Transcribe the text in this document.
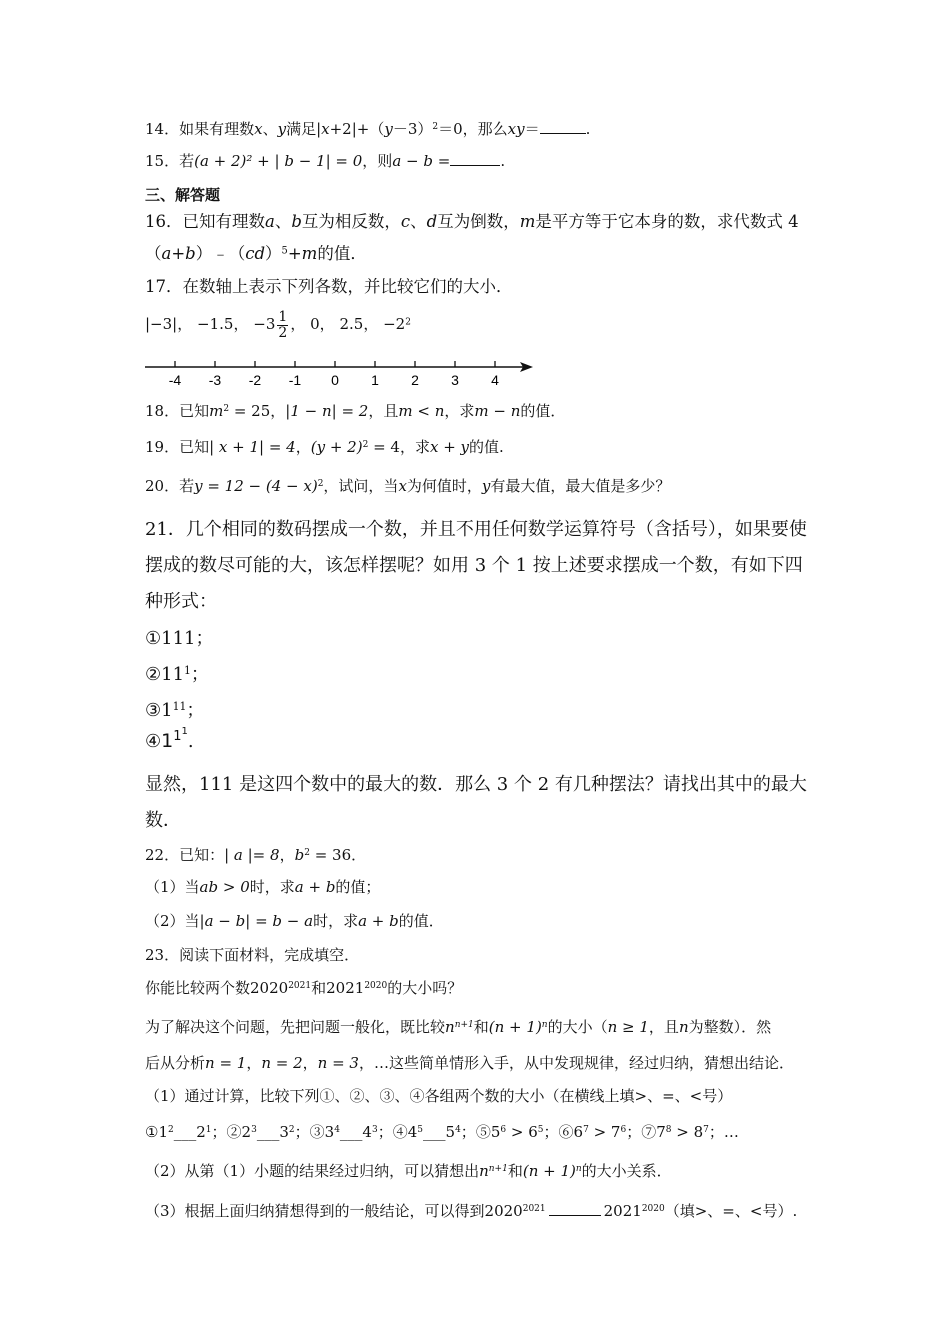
14．如果有理数x、y满足$|x+2|+(y-3)^2=0$，那么xy＝	.
15．若(a + 2)² + | b − 1| = 0，则a − b =	.
三、解答题
16．已知有理数a、b互为相反数，c、d互为倒数，m是平方等于它本身的数，求代数式 4
（a+b）﹣（cd）$^5$+m的值．
17．在数轴上表示下列各数，并比较它们的大小．
|−3|， −1.5， $-3 \frac{1}{2}$ ， 0， 2.5， $-2^2$
-4 -3 -2 -1 0 1 2 3 4
18．已知$m^2 = 25$，|1 − n| = 2，且m < n，求m − n的值．
19．已知| x + 1| = 4，$(y + 2)^2 = 4$，求x + y的值.
20．若$y = 12 - (4 - x)^2$，试问，当x为何值时，y有最大值，最大值是多少？
21．几个相同的数码摆成一个数，并且不用任何数学运算符号（含括号），如果要使
摆成的数尽可能的大，该怎样摆呢？如用 3 个 1 按上述要求摆成一个数，有如下四
种形式：
①111；
$②11^1$；
$③1^{11}$；
$④1^{11}$.
显然，111 是这四个数中的最大的数．那么 3 个 2 有几种摆法？请找出其中的最大
数．
22．已知：| a |= 8，$b^2 = 36$．
（1）当ab > 0时，求a + b的值；
（2）当|a − b| = b − a时，求a + b的值．
23．阅读下面材料，完成填空．
你能比较两个数$2020^{2021}$和$2021^{2020}$的大小吗？
为了解决这个问题，先把问题一般化，既比较$n^{n+1}$和$(n + 1)^n$的大小（n ≥ 1，且n为整数）．然
后从分析n = 1，n = 2，n = 3，…这些简单情形入手，从中发现规律，经过归纳，猜想出结论．
（1）通过计算，比较下列①、②、③、④各组两个数的大小（在横线上填>、=、<号）
$①1^2\_\_\_2^1$；$②2^3\_\_\_3^2$；$③3^4\_\_\_4^3$；$④4^5\_\_\_5^4$；$⑤5^6 > 6^5$；$⑥6^7 > 7^6$；$⑦7^8 > 8^7$；…
（2）从第（1）小题的结果经过归纳，可以猜想出$n^{n+1}$和$(n + 1)^n$的大小关系．
（3）根据上面归纳猜想得到的一般结论，可以得到$2020^{2021}$	$2021^{2020}$（填>、=、<号）.
